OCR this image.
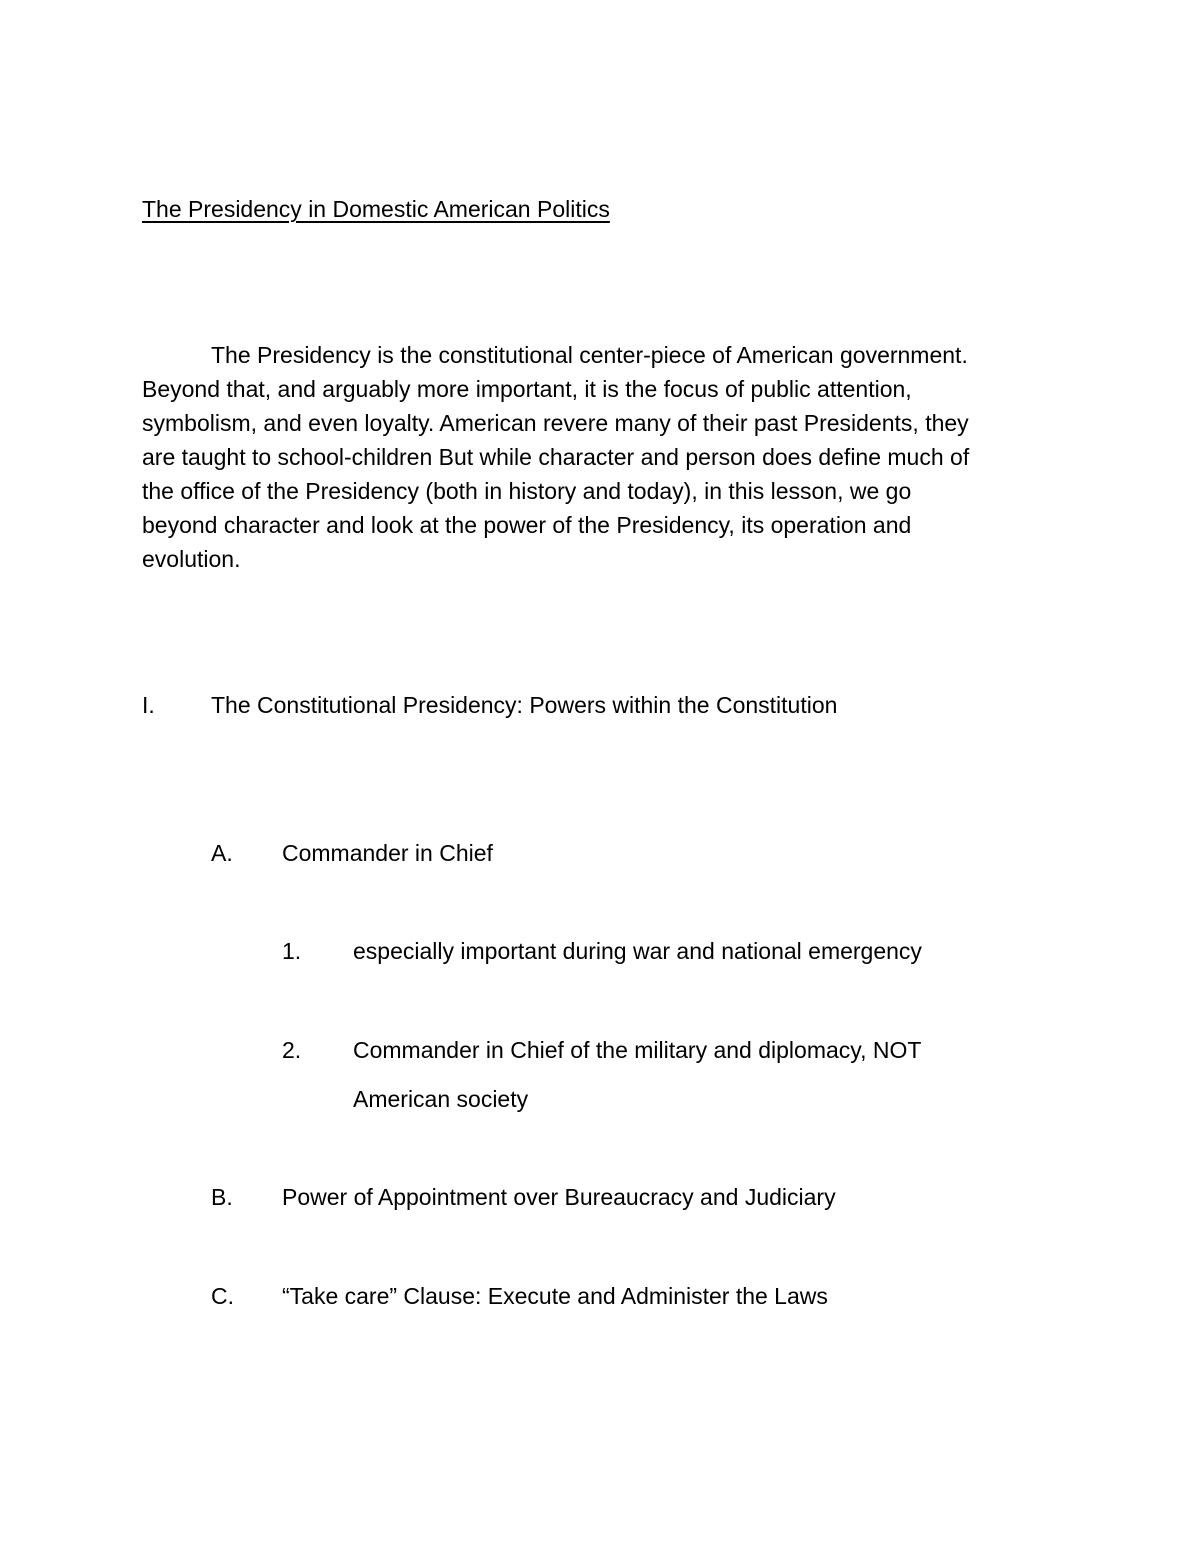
The Presidency in Domestic American Politics
The Presidency is the constitutional center-piece of American government.
Beyond that, and arguably more important, it is the focus of public attention,
symbolism, and even loyalty. American revere many of their past Presidents, they
are taught to school-children But while character and person does define much of
the office of the Presidency (both in history and today), in this lesson, we go
beyond character and look at the power of the Presidency, its operation and
evolution.
I. The Constitutional Presidency: Powers within the Constitution
A. Commander in Chief
1. especially important during war and national emergency
2. Commander in Chief of the military and diplomacy, NOT
American society
B. Power of Appointment over Bureaucracy and Judiciary
C. “Take care” Clause: Execute and Administer the Laws
